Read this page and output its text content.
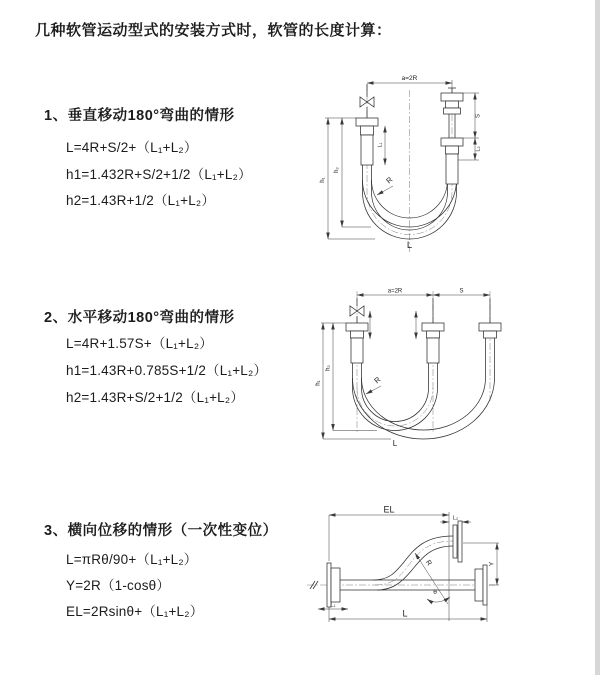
几种软管运动型式的安装方式时，软管的长度计算：
1、垂直移动180°弯曲的情形
L=4R+S/2+（L₁+L₂）
h1=1.432R+S/2+1/2（L₁+L₂）
h2=1.43R+1/2（L₁+L₂）
2、水平移动180°弯曲的情形
L=4R+1.57S+（L₁+L₂）
h1=1.43R+0.785S+1/2（L₁+L₂）
h2=1.43R+S/2+1/2（L₁+L₂）
3、横向位移的情形（一次性变位）
L=πRθ/90+（L₁+L₂）
Y=2R（1-cosθ）
EL=2Rsinθ+（L₁+L₂）
a=2R
h₁
h₂
L₁
S
L₂
R
L
a=2R	S
h₁
h₂
R
L
EL
L₂
Y
R
θ
L₁
L
